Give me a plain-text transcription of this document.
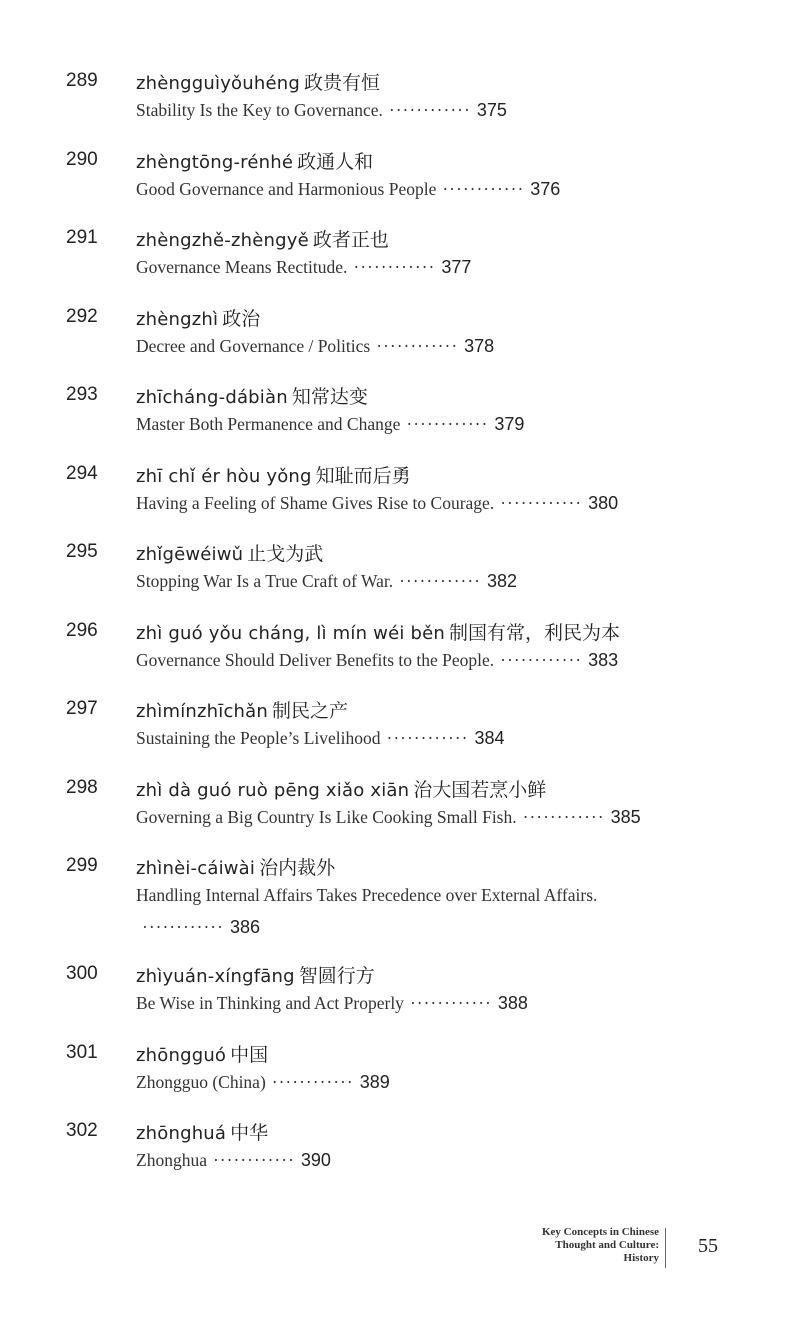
289	zhèngguìyǒuhéng 政贵有恒
Stability Is the Key to Governance. ············ 375
290	zhèngtōng-rénhé 政通人和
Good Governance and Harmonious People ············ 376
291	zhèngzhě-zhèngyě 政者正也
Governance Means Rectitude. ············ 377
292	zhèngzhì 政治
Decree and Governance / Politics ············ 378
293	zhīcháng-dábiàn 知常达变
Master Both Permanence and Change ············ 379
294	zhī chǐ ér hòu yǒng 知耻而后勇
Having a Feeling of Shame Gives Rise to Courage. ············ 380
295	zhǐgēwéiwǔ 止戈为武
Stopping War Is a True Craft of War. ············ 382
296	zhì guó yǒu cháng, lì mín wéi běn 制国有常，利民为本
Governance Should Deliver Benefits to the People. ············ 383
297	zhìmínzhīchǎn 制民之产
Sustaining the People’s Livelihood ············ 384
298	zhì dà guó ruò pēng xiǎo xiān 治大国若烹小鲜
Governing a Big Country Is Like Cooking Small Fish. ············ 385
299	zhìnèi-cáiwài 治内裁外
Handling Internal Affairs Takes Precedence over External Affairs.
············ 386
300	zhìyuán-xíngfāng 智圆行方
Be Wise in Thinking and Act Properly ············ 388
301	zhōngguó 中国
Zhongguo (China) ············ 389
302	zhōnghuá 中华
Zhonghua ············ 390
Key Concepts in Chinese
Thought and Culture:
History
55
